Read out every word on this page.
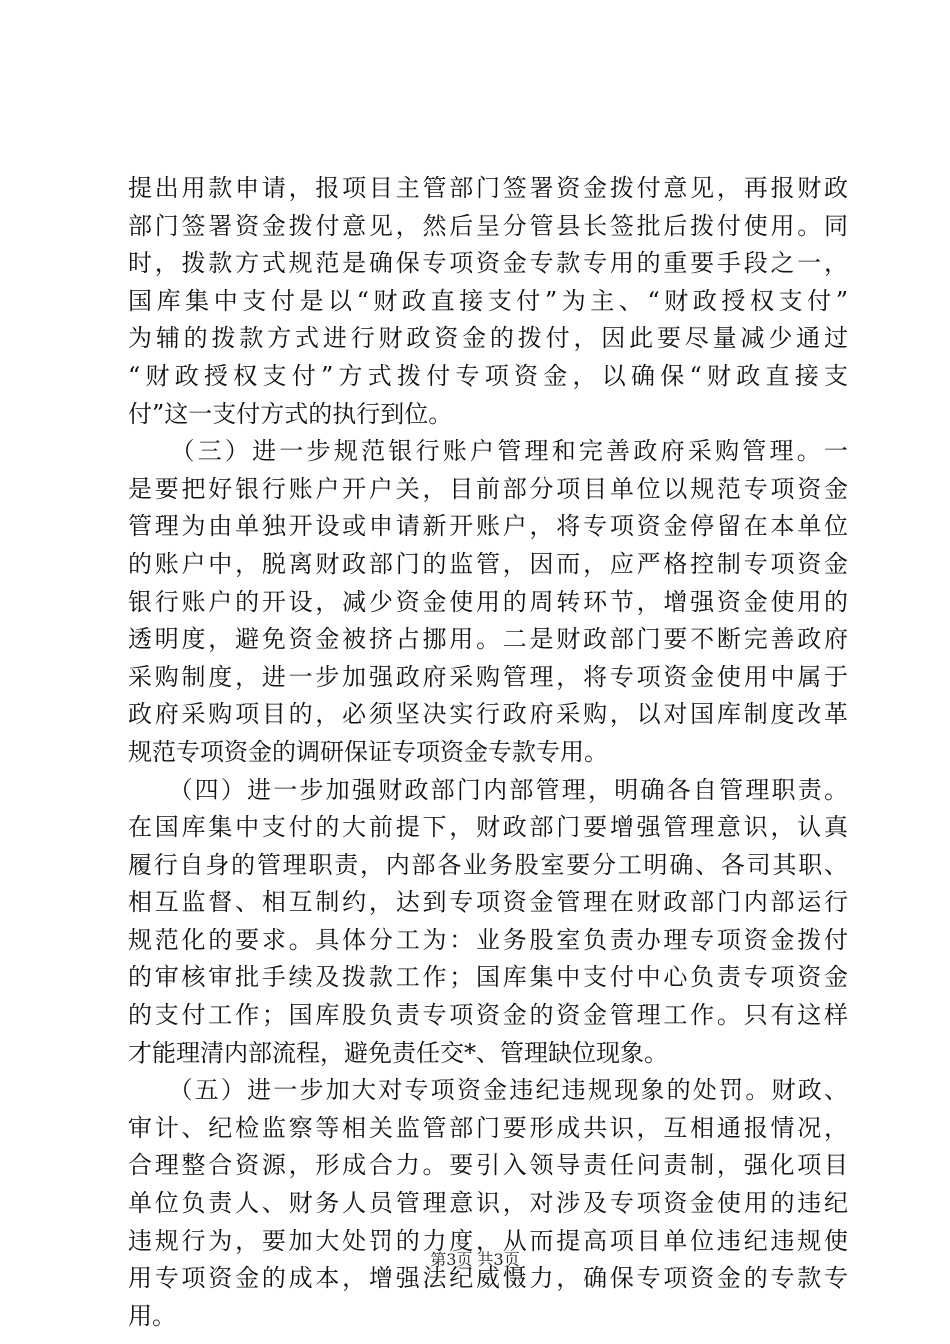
提出用款申请，报项目主管部门签署资金拨付意见，再报财政
部门签署资金拨付意见，然后呈分管县长签批后拨付使用。同
时，拨款方式规范是确保专项资金专款专用的重要手段之一，
国库集中支付是以“财政直接支付”为主、“财政授权支付”
为辅的拨款方式进行财政资金的拨付，因此要尽量减少通过
“财政授权支付”方式拨付专项资金，以确保“财政直接支
付”这一支付方式的执行到位。
　　（三）进一步规范银行账户管理和完善政府采购管理。一
是要把好银行账户开户关，目前部分项目单位以规范专项资金
管理为由单独开设或申请新开账户，将专项资金停留在本单位
的账户中，脱离财政部门的监管，因而，应严格控制专项资金
银行账户的开设，减少资金使用的周转环节，增强资金使用的
透明度，避免资金被挤占挪用。二是财政部门要不断完善政府
采购制度，进一步加强政府采购管理，将专项资金使用中属于
政府采购项目的，必须坚决实行政府采购，以对国库制度改革
规范专项资金的调研保证专项资金专款专用。
　　（四）进一步加强财政部门内部管理，明确各自管理职责。
在国库集中支付的大前提下，财政部门要增强管理意识，认真
履行自身的管理职责，内部各业务股室要分工明确、各司其职、
相互监督、相互制约，达到专项资金管理在财政部门内部运行
规范化的要求。具体分工为：业务股室负责办理专项资金拨付
的审核审批手续及拨款工作；国库集中支付中心负责专项资金
的支付工作；国库股负责专项资金的资金管理工作。只有这样
才能理清内部流程，避免责任交*、管理缺位现象。
　　（五）进一步加大对专项资金违纪违规现象的处罚。财政、
审计、纪检监察等相关监管部门要形成共识，互相通报情况，
合理整合资源，形成合力。要引入领导责任问责制，强化项目
单位负责人、财务人员管理意识，对涉及专项资金使用的违纪
违规行为，要加大处罚的力度，从而提高项目单位违纪违规使
用专项资金的成本，增强法纪威慑力，确保专项资金的专款专
用。
第3页 共3页
